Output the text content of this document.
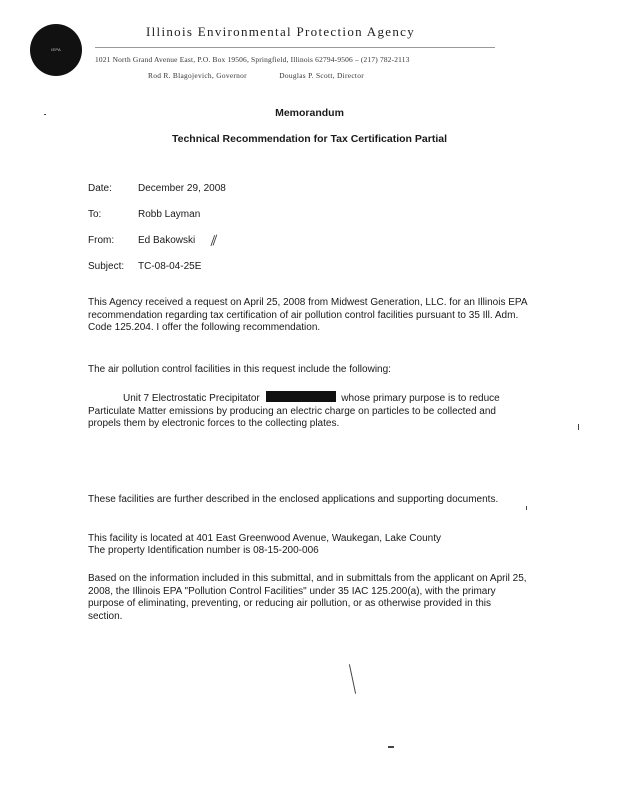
IEPA
Illinois Environmental Protection Agency
1021 North Grand Avenue East, P.O. Box 19506, Springfield, Illinois 62794-9506 – (217) 782-2113
Rod R. Blagojevich, Governor	Douglas P. Scott, Director
Memorandum
Technical Recommendation for Tax Certification Partial
Date:	December 29, 2008
To:	Robb Layman
From: Ed Bakowski ⁄⁄
Subject: TC-08-04-25E
This Agency received a request on April 25, 2008 from Midwest Generation, LLC. for an Illinois EPA recommendation regarding tax certification of air pollution control facilities pursuant to 35 Ill. Adm. Code 125.204. I offer the following recommendation.
The air pollution control facilities in this request include the following:
Unit 7 Electrostatic Precipitator	whose primary purpose is to reduce Particulate Matter emissions by producing an electric charge on particles to be collected and propels them by electronic forces to the collecting plates.
These facilities are further described in the enclosed applications and supporting documents.
This facility is located at 401 East Greenwood Avenue, Waukegan, Lake County
The property Identification number is 08-15-200-006
Based on the information included in this submittal, and in submittals from the applicant on April 25, 2008, the Illinois EPA "Pollution Control Facilities" under 35 IAC 125.200(a), with the primary purpose of eliminating, preventing, or reducing air pollution, or as otherwise provided in this section.
